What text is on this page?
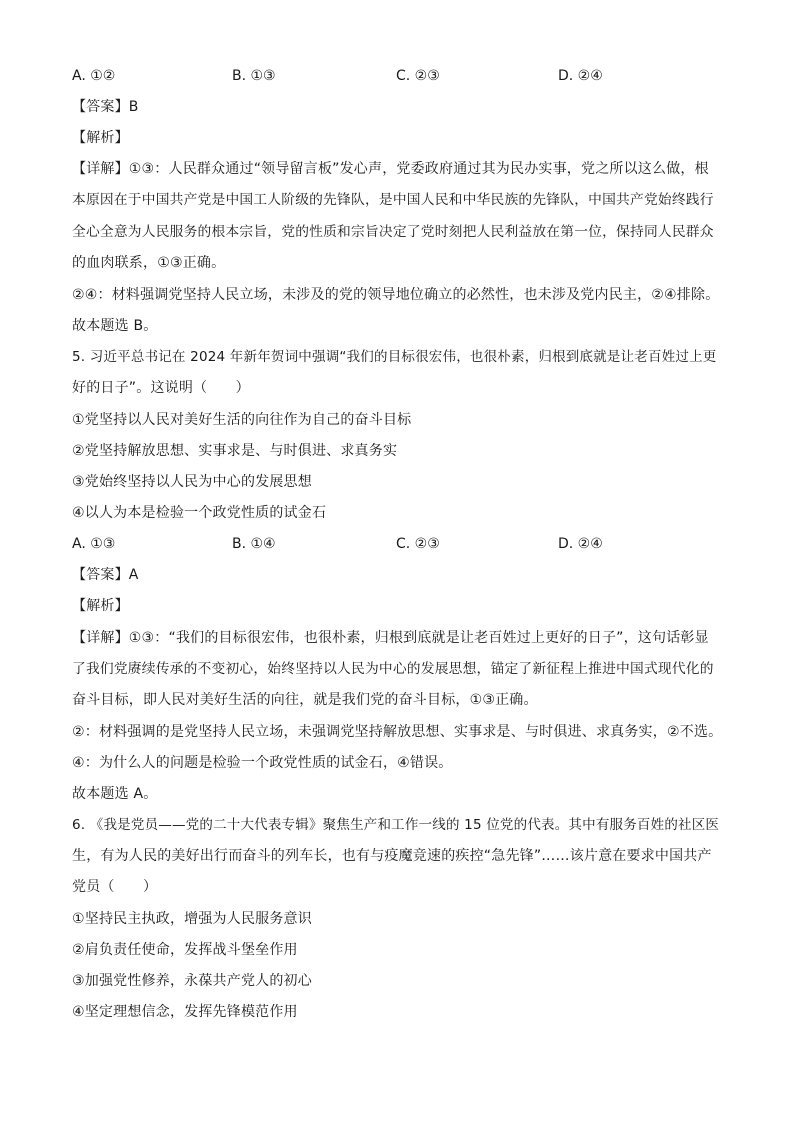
A. ①②	B. ①③	C. ②③	D. ②④
【答案】B
【解析】
【详解】①③：人民群众通过“领导留言板”发心声，党委政府通过其为民办实事，党之所以这么做，根
本原因在于中国共产党是中国工人阶级的先锋队，是中国人民和中华民族的先锋队，中国共产党始终践行
全心全意为人民服务的根本宗旨，党的性质和宗旨决定了党时刻把人民利益放在第一位，保持同人民群众
的血肉联系，①③正确。
②④：材料强调党坚持人民立场，未涉及的党的领导地位确立的必然性，也未涉及党内民主，②④排除。
故本题选 B。
5. 习近平总书记在 2024 年新年贺词中强调“我们的目标很宏伟，也很朴素，归根到底就是让老百姓过上更
好的日子”。这说明（　　）
①党坚持以人民对美好生活的向往作为自己的奋斗目标
②党坚持解放思想、实事求是、与时俱进、求真务实
③党始终坚持以人民为中心的发展思想
④以人为本是检验一个政党性质的试金石
A. ①③	B. ①④	C. ②③	D. ②④
【答案】A
【解析】
【详解】①③：“我们的目标很宏伟，也很朴素，归根到底就是让老百姓过上更好的日子”，这句话彰显
了我们党赓续传承的不变初心，始终坚持以人民为中心的发展思想，锚定了新征程上推进中国式现代化的
奋斗目标，即人民对美好生活的向往，就是我们党的奋斗目标，①③正确。
②：材料强调的是党坚持人民立场，未强调党坚持解放思想、实事求是、与时俱进、求真务实，②不选。
④：为什么人的问题是检验一个政党性质的试金石，④错误。
故本题选 A。
6. 《我是党员——党的二十大代表专辑》聚焦生产和工作一线的 15 位党的代表。其中有服务百姓的社区医
生，有为人民的美好出行而奋斗的列车长，也有与疫魔竞速的疾控“急先锋”……该片意在要求中国共产
党员（　　）
①坚持民主执政，增强为人民服务意识
②肩负责任使命，发挥战斗堡垒作用
③加强党性修养，永葆共产党人的初心
④坚定理想信念，发挥先锋模范作用
